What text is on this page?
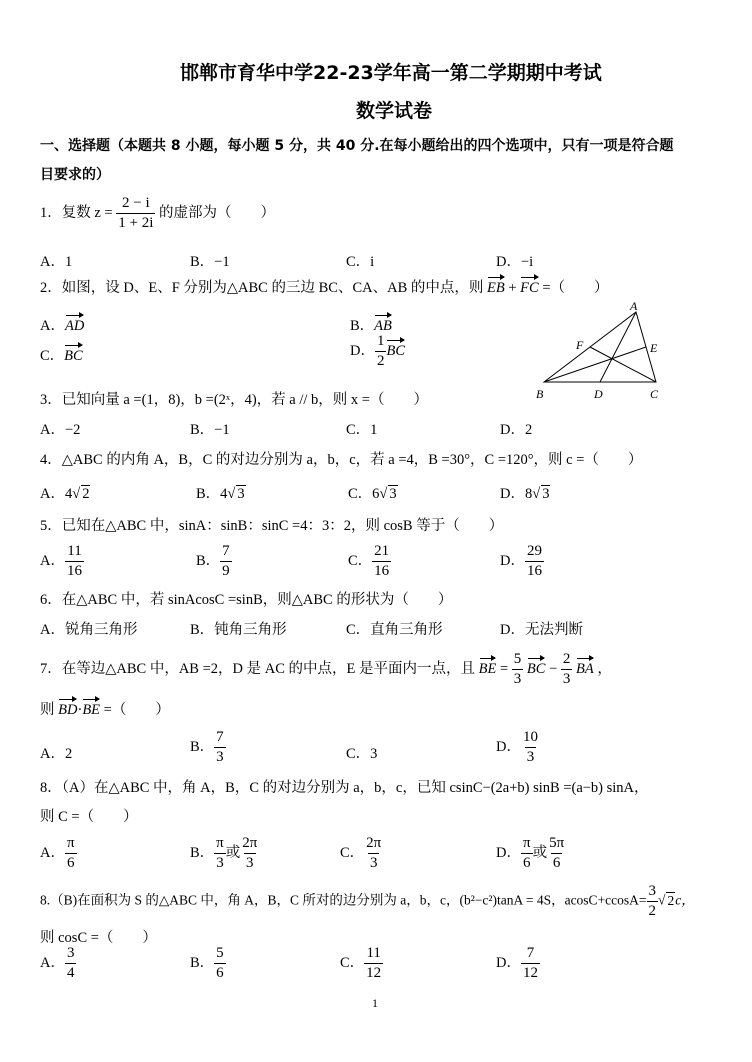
邯郸市育华中学22-23学年高一第二学期期中考试
数学试卷
一、选择题（本题共 8 小题，每小题 5 分，共 40 分.在每小题给出的四个选项中，只有一项是符合题
目要求的）
1．复数 $z = \frac{2 - i}{1 + 2i}$ 的虚部为（　　）
A．1	B．−1	C．i	D．−i
2．如图，设 D、E、F 分别为△ABC 的三边 BC、CA、AB 的中点，则 EB + FC =（　　）
A．AD	B．AB
C．BC	D． $\frac{1}{2}$ BC
A
F	E
B	D	C
3．已知向量 a =(1，8)，b =(2ˣ，4)，若 a // b，则 x =（　　）
A．−2	B．−1	C．1	D．2
4．△ABC 的内角 A，B，C 的对边分别为 a，b，c，若 a =4，B =30°，C =120°，则 c =（　　）
A．4√ 2	B．4√ 3	C．6√ 3	D．8√ 3
5．已知在△ABC 中，sinA：sinB：sinC =4：3：2，则 cosB 等于（　　）
A． $\frac{11}{16}$	B． $\frac{7}{9}$	C． $\frac{21}{16}$	D． $\frac{29}{16}$
6．在△ABC 中，若 sinAcosC =sinB，则△ABC 的形状为（　　）
A．锐角三角形	B．钝角三角形	C．直角三角形	D．无法判断
7．在等边△ABC 中，AB =2，D 是 AC 的中点，E 是平面内一点，且 BE = $\frac{5}{3}$ BC − $\frac{2}{3}$ BA ，
则 BD·BE =（　　）
A．2	B． $\frac{7}{3}$	C．3	D． $\frac{10}{3}$
8．（A）在△ABC 中，角 A，B，C 的对边分别为 a，b，c，已知 csinC−(2a+b) sinB =(a−b) sinA，
则 C =（　　）
A． $\frac{\pi}{6}$	B． $\frac{\pi}{3}$ 或 $\frac{2\pi}{3}$	C． $\frac{2\pi}{3}$	D． $\frac{\pi}{6}$ 或 $\frac{5\pi}{6}$
8.（B)在面积为 S 的△ABC 中，角 A，B，C 所对的边分别为 a，b，c，(b²−c²)tanA = 4S，$acosC+ccosA= \frac{3}{2}$ √ 2c，
则 cosC =（　　）
A． $\frac{3}{4}$	B． $\frac{5}{6}$	C． $\frac{11}{12}$	D． $\frac{7}{12}$
1
